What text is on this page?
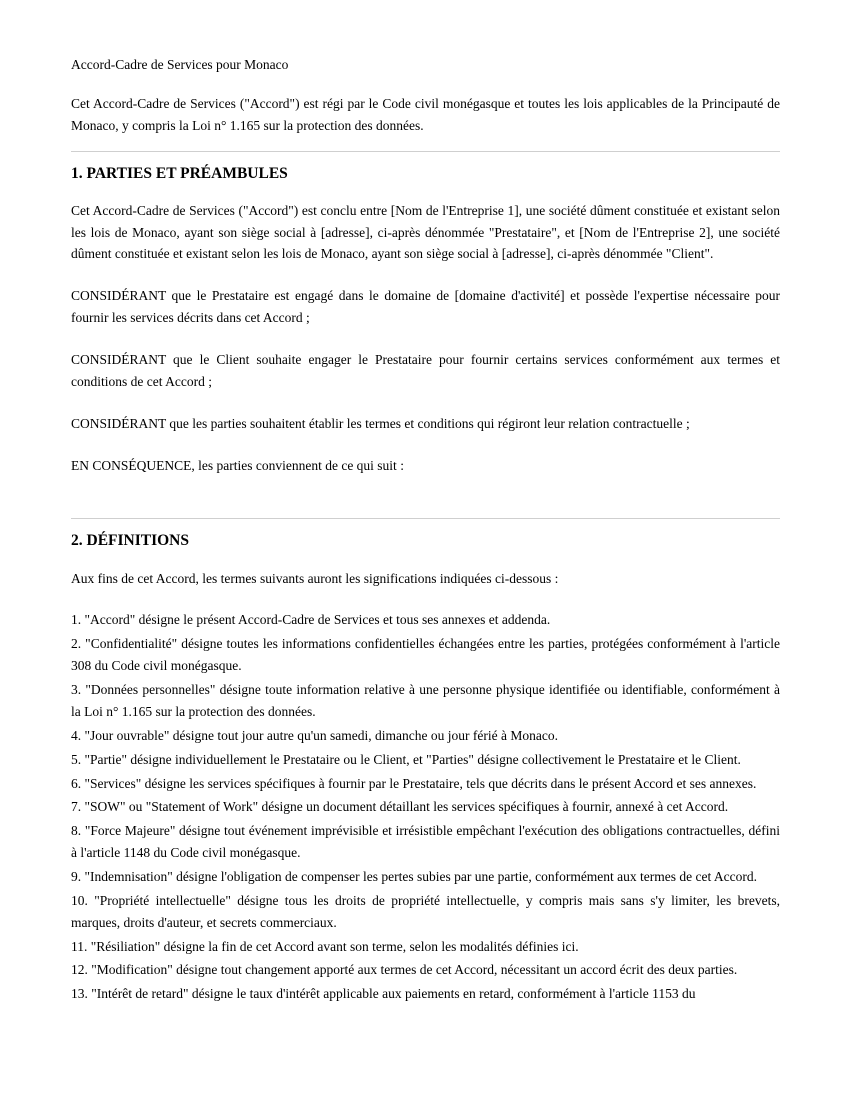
Accord-Cadre de Services pour Monaco

Cet Accord-Cadre de Services ("Accord") est régi par le Code civil monégasque et toutes les lois applicables de la Principauté de Monaco, y compris la Loi n° 1.165 sur la protection des données.

1. PARTIES ET PRÉAMBULES

Cet Accord-Cadre de Services ("Accord") est conclu entre [Nom de l'Entreprise 1], une société dûment constituée et existant selon les lois de Monaco, ayant son siège social à [adresse], ci-après dénommée "Prestataire", et [Nom de l'Entreprise 2], une société dûment constituée et existant selon les lois de Monaco, ayant son siège social à [adresse], ci-après dénommée "Client".

CONSIDÉRANT que le Prestataire est engagé dans le domaine de [domaine d'activité] et possède l'expertise nécessaire pour fournir les services décrits dans cet Accord ;

CONSIDÉRANT que le Client souhaite engager le Prestataire pour fournir certains services conformément aux termes et conditions de cet Accord ;

CONSIDÉRANT que les parties souhaitent établir les termes et conditions qui régiront leur relation contractuelle ;

EN CONSÉQUENCE, les parties conviennent de ce qui suit :

2. DÉFINITIONS

Aux fins de cet Accord, les termes suivants auront les significations indiquées ci-dessous :

1. "Accord" désigne le présent Accord-Cadre de Services et tous ses annexes et addenda.

2. "Confidentialité" désigne toutes les informations confidentielles échangées entre les parties, protégées conformément à l'article 308 du Code civil monégasque.

3. "Données personnelles" désigne toute information relative à une personne physique identifiée ou identifiable, conformément à la Loi n° 1.165 sur la protection des données.

4. "Jour ouvrable" désigne tout jour autre qu'un samedi, dimanche ou jour férié à Monaco.

5. "Partie" désigne individuellement le Prestataire ou le Client, et "Parties" désigne collectivement le Prestataire et le Client.

6. "Services" désigne les services spécifiques à fournir par le Prestataire, tels que décrits dans le présent Accord et ses annexes.

7. "SOW" ou "Statement of Work" désigne un document détaillant les services spécifiques à fournir, annexé à cet Accord.

8. "Force Majeure" désigne tout événement imprévisible et irrésistible empêchant l'exécution des obligations contractuelles, défini à l'article 1148 du Code civil monégasque.

9. "Indemnisation" désigne l'obligation de compenser les pertes subies par une partie, conformément aux termes de cet Accord.

10. "Propriété intellectuelle" désigne tous les droits de propriété intellectuelle, y compris mais sans s'y limiter, les brevets, marques, droits d'auteur, et secrets commerciaux.

11. "Résiliation" désigne la fin de cet Accord avant son terme, selon les modalités définies ici.

12. "Modification" désigne tout changement apporté aux termes de cet Accord, nécessitant un accord écrit des deux parties.

13. "Intérêt de retard" désigne le taux d'intérêt applicable aux paiements en retard, conformément à l'article 1153 du
